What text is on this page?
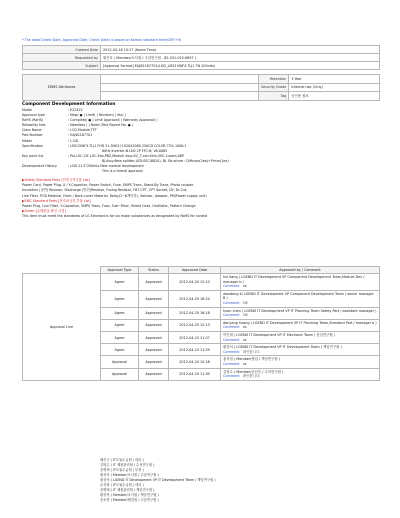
* The date(Create Date, Approved Date, Check Date) is based on Korean standard time(GMT+9)
Created Date	2012-04-18 15:27 (Korea Time)
Requested by	황은호 ( Member/오사원 / 주임연구원 , 82-031-010-6897 )
Subject	[Approval Format] EAJ62167701(LGD_LM215WF4-TLJ1 TN 200nits)
EDMS Attributes		Retention	3 Year
		Security Grade	Internal use (Only)
		Tag	승인용 원료
Component Development Information
Model	: E2242C
Approval type	: New( ● ) Limit( ) Revision( ) etc( )
RoHS (RoHS)	: Complete( ● ) Limit Approval( ) Warranty Approval( )
Reliability test	: Needless ( ) Need (Test Report No. ● )
Class Name	: LCD,Module,TFT
Part Number	: EAJ62167701
Maker	: L.GD
Specification	: LM215WF4-TLJ1 FHD 21.5INCH 1920X1080 250CD COLOR 72% 1000:1
60Hz Inverter:N LED 2P FFC:N, VA:0085
Key point list	: Pol,LGC,CIF,LGC,Fob,PBZ,Module Assy:SC_T-con:Shin,SHC Lusem,08P
BLAssy:New splitter,LED:SSC(8820), BL Structure : Diffuser(2ea)+Prism(1ea)
Development History	: LGD 21.5"200nits New module development
This is a formal approval
▶Safety Standard Parts [안전규격부품 List]
Power Cord, Power Plug, X / Y-Capacitor, Power Switch, Fuse, SMPS Trans, Stand-By Trans, Photo coupler,
Insulation (절연) Resistor, Discharge (방전)Resistor, Fusing Resistor, FBT,CPT, CPT Socket, DY, Dr-Cut,
Line Filter, PCB Material, Front / Back-cover Material, Relay(1~8개이하), Varistor, Adaptor, PM(Power supply unit)
▶EMC Standard Parts [전자파규격 부품 List]
Power Plug, Line Filter, Y-Capacitor, SMPS Trans, Fuse, Sub~Filter, Shield Case, Oscillator, Pattern Change
▶Green [유해물질 확인 시험]
This item must meet the standards of LG Electronics for six major substances as designated by RoHS for control
	Approval Type	Status	Approved Date	Approved by / Comment
Approval Line	Agree	Approved	2012-04-20 12:10	hui kang ( LGEND IT Development VP Component Development Team,Module Dev / manager b )
Comment ok

	Agree	Approved	2012-04-20 16:24	wandeng li( LGEND IT Development VP Component Development Team / senior manager B )
Comment OK

	Agree	Approved	2012-04-20 16:18	huan chen ( LGEND IT Development VP IT Planning Team Safety Part / assistant manager )
Comment OK

	Agree	Approved	2012-04-20 12:13	danyang huang ( LGEND IT Development VP IT Planning Team,Standard Part / manager b )
Comment ok

	Agree	Approved	2012-04-23 11:07	이인재 ( LGEND IT Development VP IT Mechanic Team / 선임연구원 )
Comment ok

	Agree	Approved	2012-04-23 11:59	황상석 ( LGEND IT Development VP IT Development Team / 책임연구원 )
Comment 확인합니다.

	Approval	Approved	2012-04-24 10:28	홍석철 ( Member/협업 / 책임연구원 )
Comment ok

	Approval	Approved	2012-04-24 11:30	김영수 ( Member/공산부 / 수석연구원 )
Comment 확인합니다.
배은주 ( IT모듈수급팀 / 대리 )
김영수 ( IT 제품관리팀 / 수석연구원 )
송병택 ( IT모듈수급팀 / 부장 )
황상석 ( Member/오사원 / 주임연구원 )
황상석 ( LGEND IT Development VP IT Development Team / 책임연구원 )
손선화 ( IT모듈수급팀 / 대리 )
송병택 ( IT 제품관리팀 / 책임연구원 )
황상석 ( Member/오사원 / 책임연구원 )
송조현 ( Member/협업팀 / 주임연구원 )
